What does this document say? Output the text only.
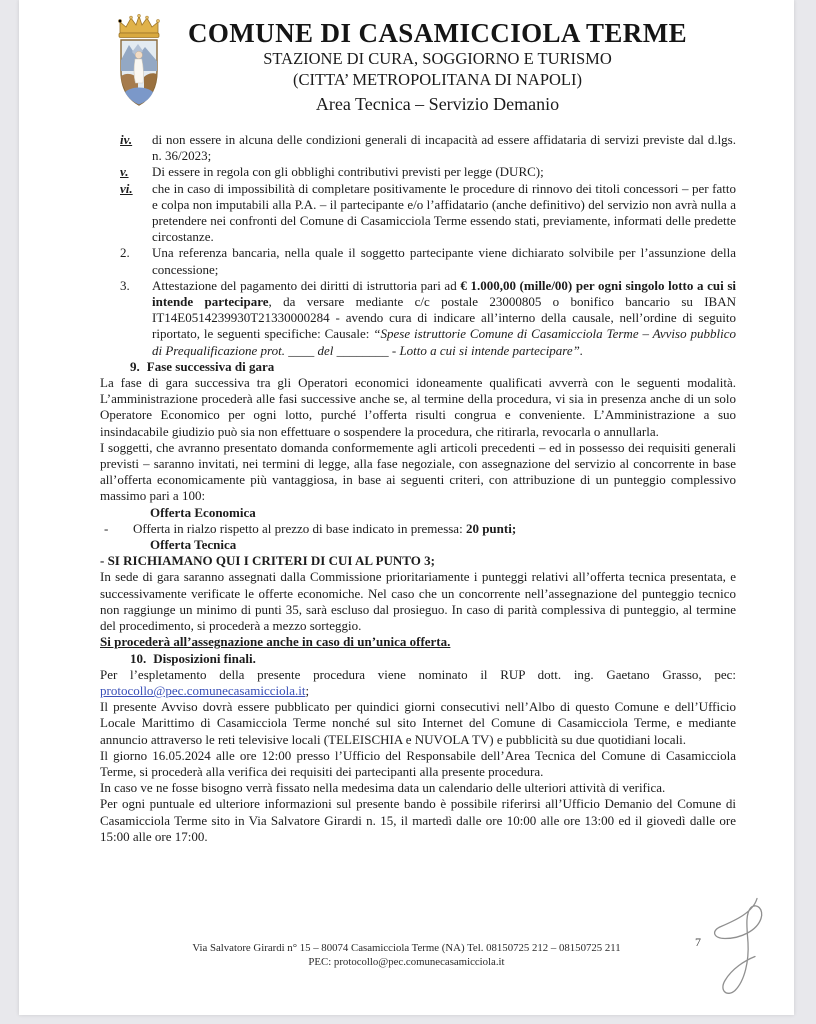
COMUNE DI CASAMICCIOLA TERME
STAZIONE DI CURA, SOGGIORNO E TURISMO
(CITTA’ METROPOLITANA DI NAPOLI)
Area Tecnica – Servizio Demanio
iv.	di non essere in alcuna delle condizioni generali di incapacità ad essere affidataria di servizi previste dal d.lgs. n. 36/2023;
v.	Di essere in regola con gli obblighi contributivi previsti per legge (DURC);
vi.	che in caso di impossibilità di completare positivamente le procedure di rinnovo dei titoli concessori – per fatto e colpa non imputabili alla P.A. – il partecipante e/o l’affidatario (anche definitivo) del servizio non avrà nulla a pretendere nei confronti del Comune di Casamicciola Terme essendo stati, previamente, informati delle predette circostanze.
2.	Una referenza bancaria, nella quale il soggetto partecipante viene dichiarato solvibile per l’assunzione della concessione;
3.	Attestazione del pagamento dei diritti di istruttoria pari ad € 1.000,00 (mille/00) per ogni singolo lotto a cui si intende partecipare, da versare mediante c/c postale 23000805 o bonifico bancario su IBAN IT14E0514239930T21330000284 - avendo cura di indicare all’interno della causale, nell’ordine di seguito riportato, le seguenti specifiche: Causale: “Spese istruttorie Comune di Casamicciola Terme – Avviso pubblico di Prequalificazione prot. ____ del ________ - Lotto a cui si intende partecipare”.
9. Fase successiva di gara

La fase di gara successiva tra gli Operatori economici idoneamente qualificati avverrà con le seguenti modalità. L’amministrazione procederà alle fasi successive anche se, al termine della procedura, vi sia in presenza anche di un solo Operatore Economico per ogni lotto, purché l’offerta risulti congrua e conveniente. L’Amministrazione a suo insindacabile giudizio può sia non effettuare o sospendere la procedura, che ritirarla, revocarla o annullarla.

I soggetti, che avranno presentato domanda conformemente agli articoli precedenti – ed in possesso dei requisiti generali previsti – saranno invitati, nei termini di legge, alla fase negoziale, con assegnazione del servizio al concorrente in base all’offerta economicamente più vantaggiosa, in base ai seguenti criteri, con attribuzione di un punteggio complessivo massimo pari a 100:

Offerta Economica
-	Offerta in rialzo rispetto al prezzo di base indicato in premessa: 20 punti;
Offerta Tecnica
- SI RICHIAMANO QUI I CRITERI DI CUI AL PUNTO 3;

In sede di gara saranno assegnati dalla Commissione prioritariamente i punteggi relativi all’offerta tecnica presentata, e successivamente verificate le offerte economiche. Nel caso che un concorrente nell’assegnazione del punteggio tecnico non raggiunge un minimo di punti 35, sarà escluso dal prosieguo. In caso di parità complessiva di punteggio, al termine del procedimento, si procederà a mezzo sorteggio.

Si procederà all’assegnazione anche in caso di un’unica offerta.

10. Disposizioni finali.

Per l’espletamento della presente procedura viene nominato il RUP dott. ing. Gaetano Grasso, pec: protocollo@pec.comunecasamicciola.it;

Il presente Avviso dovrà essere pubblicato per quindici giorni consecutivi nell’Albo di questo Comune e dell’Ufficio Locale Marittimo di Casamicciola Terme nonché sul sito Internet del Comune di Casamicciola Terme, e mediante annuncio attraverso le reti televisive locali (TELEISCHIA e NUVOLA TV) e pubblicità su due quotidiani locali.

Il giorno 16.05.2024 alle ore 12:00 presso l’Ufficio del Responsabile dell’Area Tecnica del Comune di Casamicciola Terme, si procederà alla verifica dei requisiti dei partecipanti alla presente procedura.

In caso ve ne fosse bisogno verrà fissato nella medesima data un calendario delle ulteriori attività di verifica.

Per ogni puntuale ed ulteriore informazioni sul presente bando è possibile riferirsi all’Ufficio Demanio del Comune di Casamicciola Terme sito in Via Salvatore Girardi n. 15, il martedì dalle ore 10:00 alle ore 13:00 ed il giovedì dalle ore 15:00 alle ore 17:00.

Via Salvatore Girardi n° 15 – 80074 Casamicciola Terme (NA) Tel. 08150725 212 – 08150725 211
PEC: protocollo@pec.comunecasamicciola.it
7
